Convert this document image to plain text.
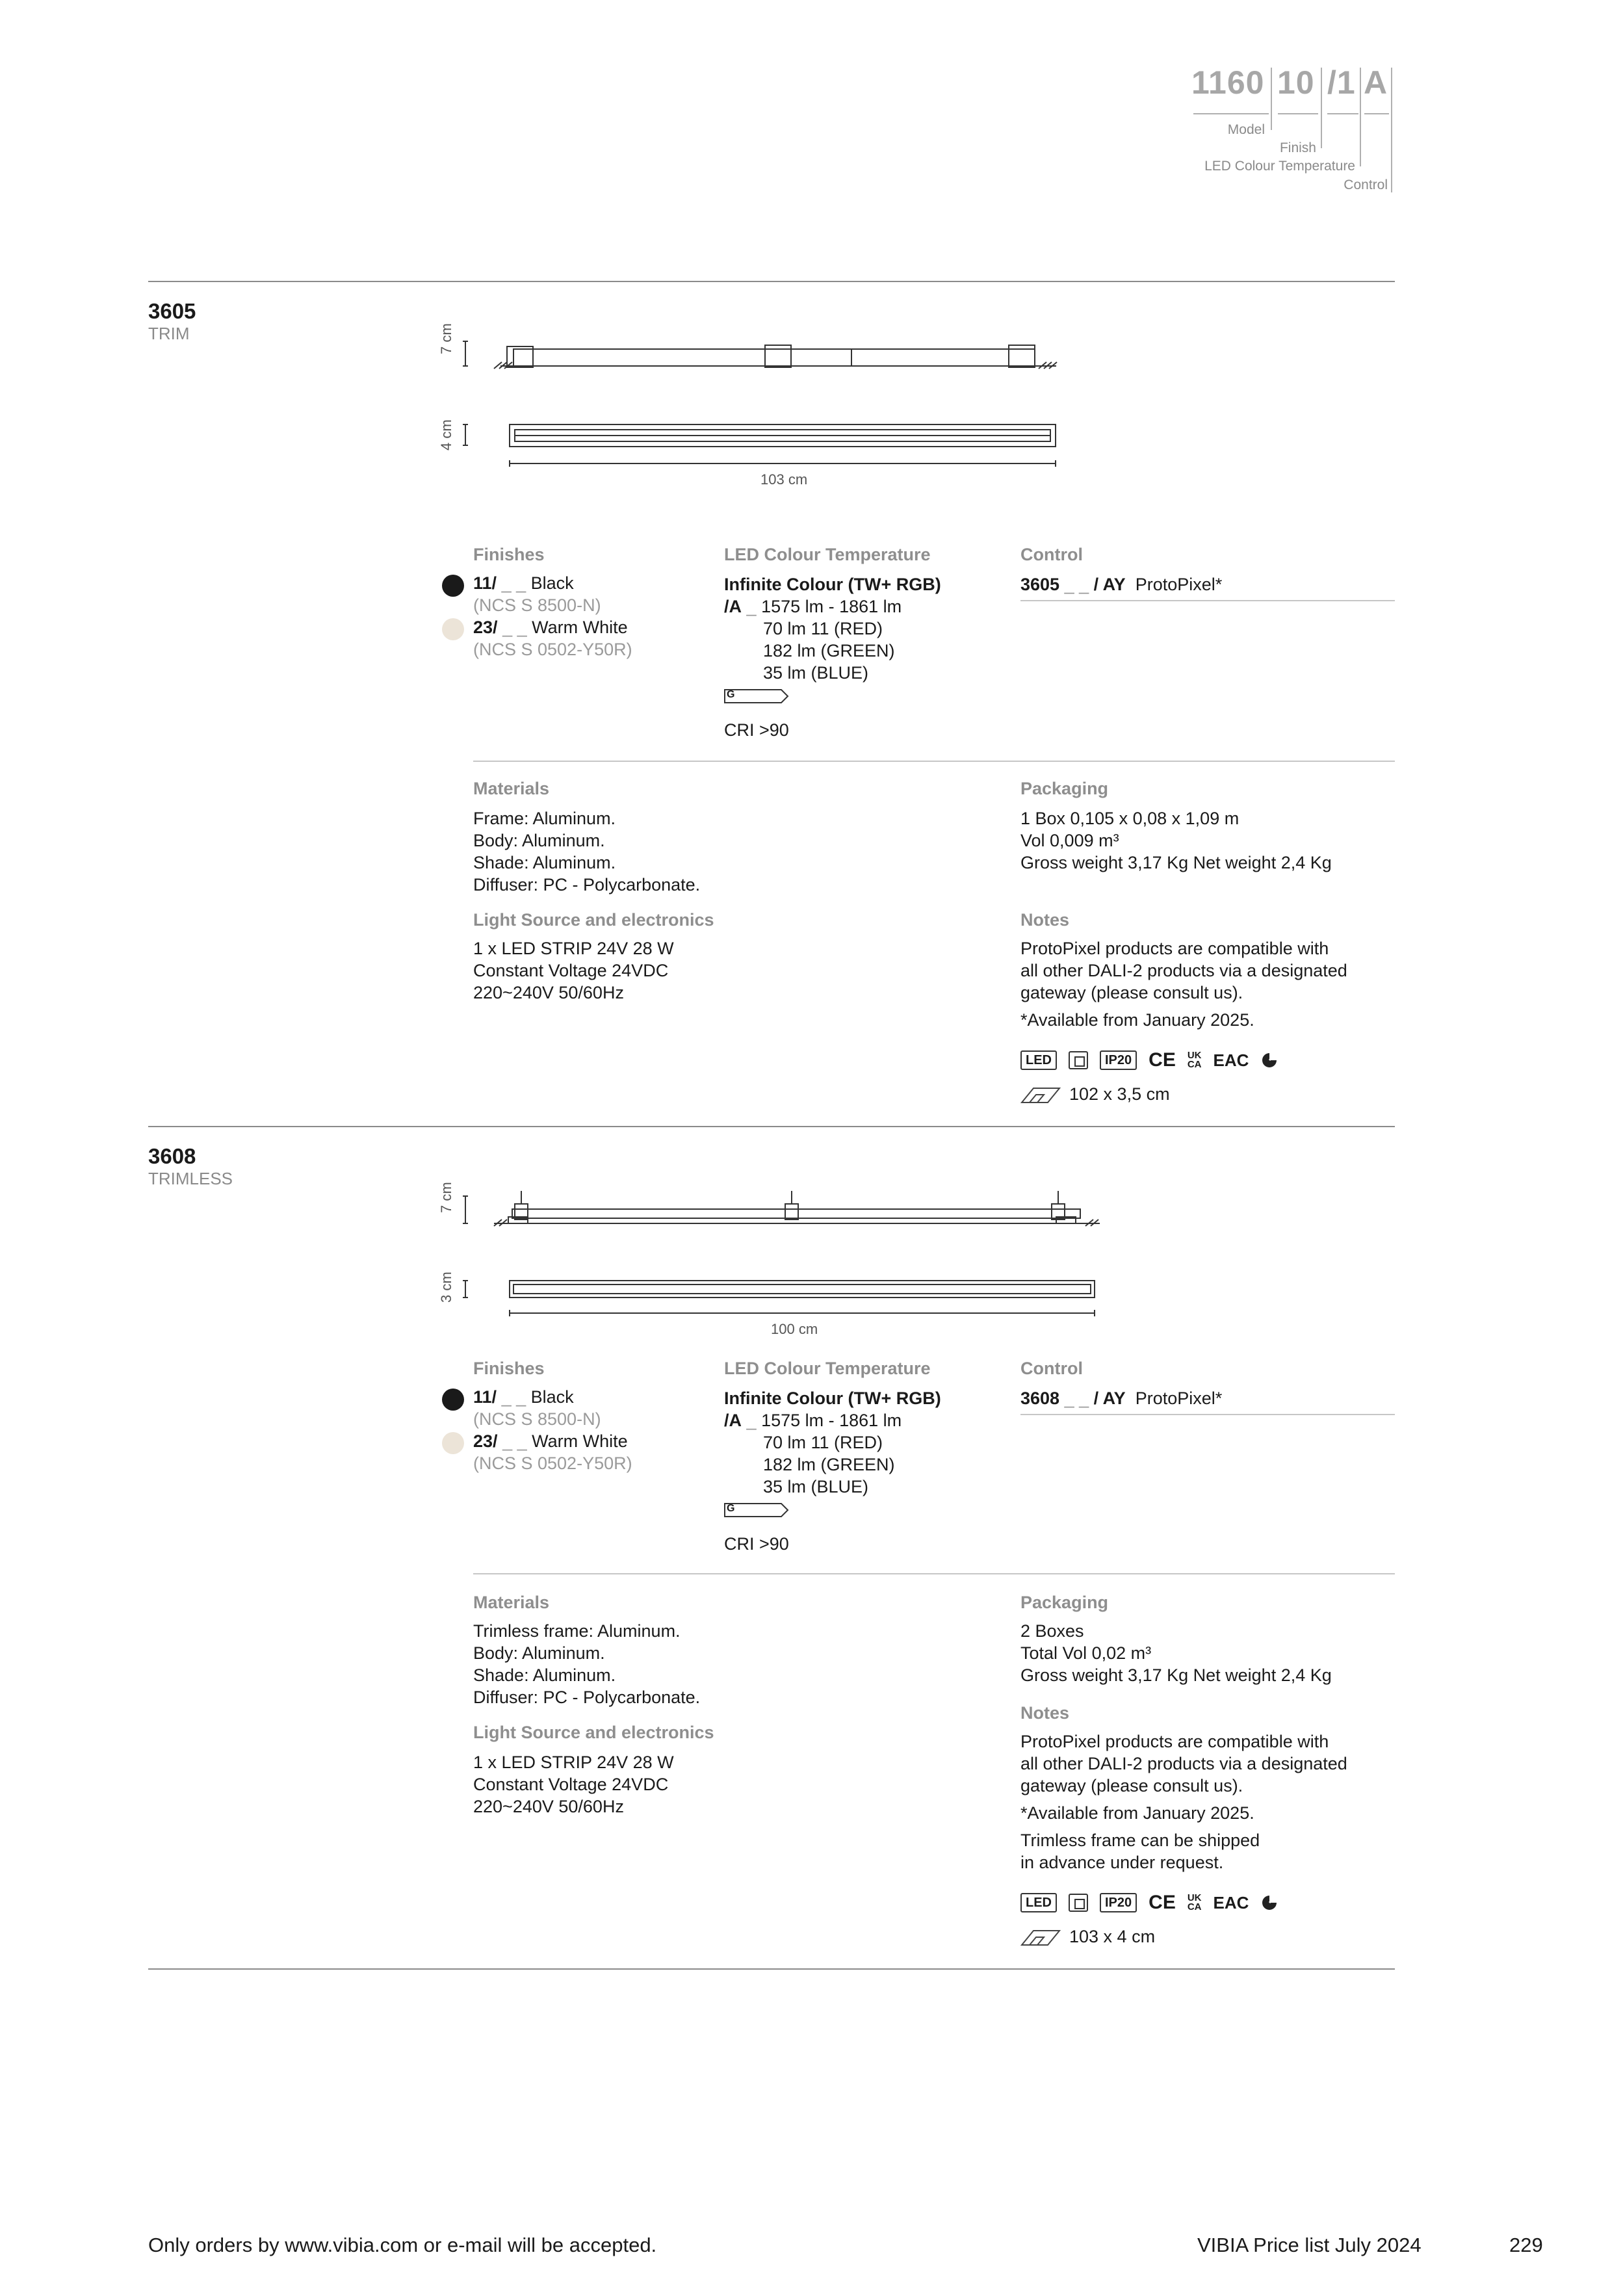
1160 10 /1 A
Model
Finish
LED Colour Temperature
Control
3605
TRIM	7 cm
4 cm
103 cm
Finishes
11/ _ _ Black
(NCS S 8500-N)
23/ _ _ Warm White
(NCS S 0502-Y50R)
LED Colour Temperature
Infinite Colour (TW+ RGB)
/A _ 1575 lm - 1861 lm
70 lm 11 (RED)
182 lm (GREEN)
35 lm (BLUE)
G
CRI >90
Control
3605 _ _ / AY ProtoPixel*
Materials
Frame: Aluminum.
Body: Aluminum.
Shade: Aluminum.
Diffuser: PC - Polycarbonate.
Light Source and electronics
1 x LED STRIP 24V 28 W
Constant Voltage 24VDC
220~240V 50/60Hz
Packaging
1 Box 0,105 x 0,08 x 1,09 m
Vol 0,009 m³
Gross weight 3,17 Kg Net weight 2,4 Kg
Notes
ProtoPixel products are compatible with
all other DALI-2 products via a designated
gateway (please consult us).
*Available from January 2025.
LED	IP20 CE UK
CA EAC
102 x 3,5 cm
3608
TRIMLESS
7 cm
3 cm
100 cm
Finishes
11/ _ _ Black
(NCS S 8500-N)
23/ _ _ Warm White
(NCS S 0502-Y50R)
LED Colour Temperature
Infinite Colour (TW+ RGB)
/A _ 1575 lm - 1861 lm
70 lm 11 (RED)
182 lm (GREEN)
35 lm (BLUE)
G
CRI >90
Control
3608 _ _ / AY ProtoPixel*
Materials
Trimless frame: Aluminum.
Body: Aluminum.
Shade: Aluminum.
Diffuser: PC - Polycarbonate.
Light Source and electronics
1 x LED STRIP 24V 28 W
Constant Voltage 24VDC
220~240V 50/60Hz
Packaging
2 Boxes
Total Vol 0,02 m³
Gross weight 3,17 Kg Net weight 2,4 Kg
Notes
ProtoPixel products are compatible with
all other DALI-2 products via a designated
gateway (please consult us).
*Available from January 2025.
Trimless frame can be shipped
in advance under request.
LED	IP20 CE UK
CA EAC
103 x 4 cm
Only orders by www.vibia.com or e-mail will be accepted.	VIBIA Price list July 2024	229
